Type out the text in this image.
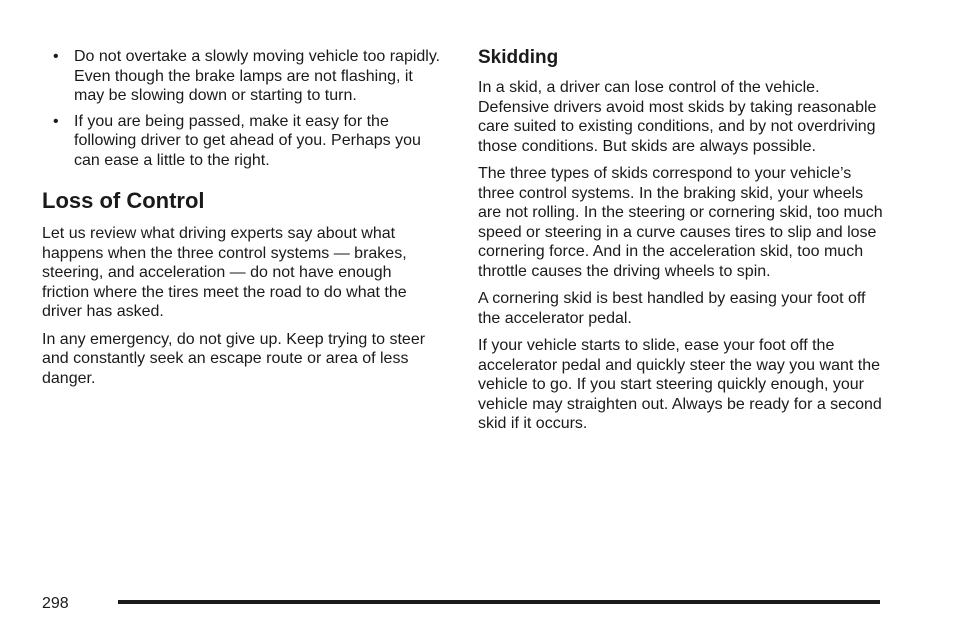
• Do not overtake a slowly moving vehicle too rapidly. Even though the brake lamps are not flashing, it may be slowing down or starting to turn.

• If you are being passed, make it easy for the following driver to get ahead of you. Perhaps you can ease a little to the right.

Loss of Control

Let us review what driving experts say about what happens when the three control systems — brakes, steering, and acceleration — do not have enough friction where the tires meet the road to do what the driver has asked.

In any emergency, do not give up. Keep trying to steer and constantly seek an escape route or area of less danger.

Skidding

In a skid, a driver can lose control of the vehicle. Defensive drivers avoid most skids by taking reasonable care suited to existing conditions, and by not overdriving those conditions. But skids are always possible.

The three types of skids correspond to your vehicle’s three control systems. In the braking skid, your wheels are not rolling. In the steering or cornering skid, too much speed or steering in a curve causes tires to slip and lose cornering force. And in the acceleration skid, too much throttle causes the driving wheels to spin.

A cornering skid is best handled by easing your foot off the accelerator pedal.

If your vehicle starts to slide, ease your foot off the accelerator pedal and quickly steer the way you want the vehicle to go. If you start steering quickly enough, your vehicle may straighten out. Always be ready for a second skid if it occurs.

298
